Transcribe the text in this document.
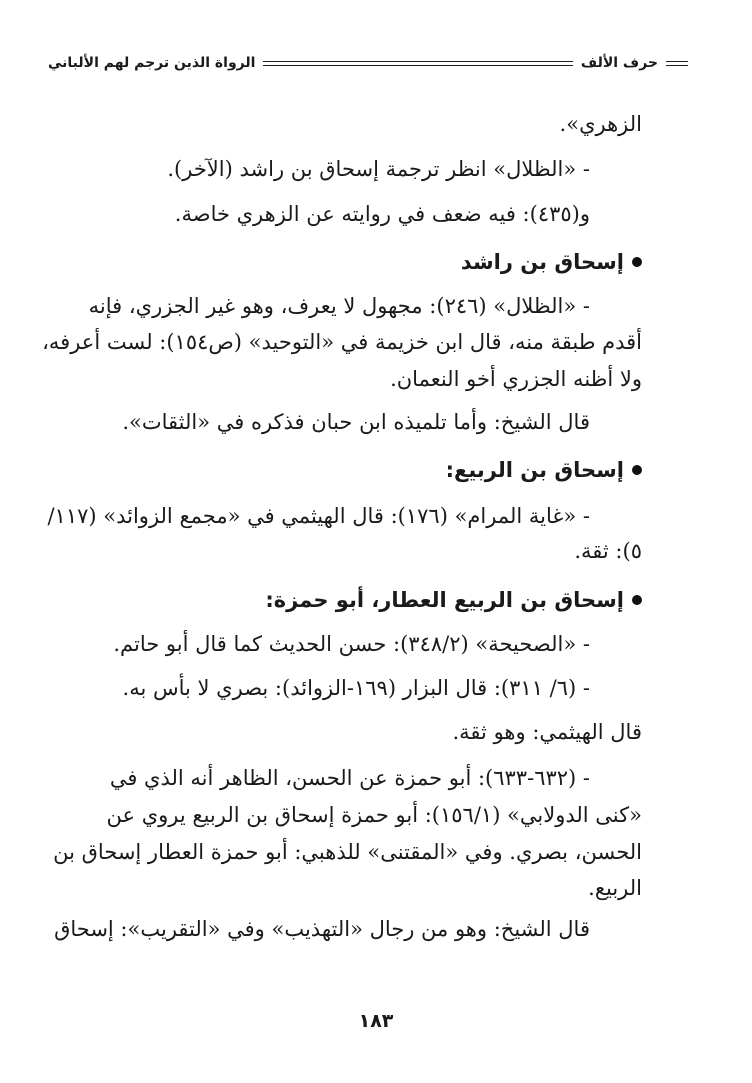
حرف الألف
الرواة الذين ترجم لهم الألباني
الزهري».
- «الظلال» انظر ترجمة إسحاق بن راشد (الآخر).
و(٤٣٥): فيه ضعف في روايته عن الزهري خاصة.
إسحاق بن راشد
- «الظلال» (٢٤٦): مجهول لا يعرف، وهو غير الجزري، فإنه
أقدم طبقة منه، قال ابن خزيمة في «التوحيد» (ص١٥٤): لست أعرفه،
ولا أظنه الجزري أخو النعمان.
قال الشيخ: وأما تلميذه ابن حبان فذكره في «الثقات».
إسحاق بن الربيع:
- «غاية المرام» (١٧٦): قال الهيثمي في «مجمع الزوائد» (١١٧/
٥): ثقة.
إسحاق بن الربيع العطار، أبو حمزة:
- «الصحيحة» (٣٤٨/٢): حسن الحديث كما قال أبو حاتم.
- (٦/ ٣١١): قال البزار (١٦٩-الزوائد): بصري لا بأس به.
قال الهيثمي: وهو ثقة.
- (٦٣٢-٦٣٣): أبو حمزة عن الحسن، الظاهر أنه الذي في
«كنى الدولابي» (١٥٦/١): أبو حمزة إسحاق بن الربيع يروي عن
الحسن، بصري. وفي «المقتنى» للذهبي: أبو حمزة العطار إسحاق بن
الربيع.
قال الشيخ: وهو من رجال «التهذيب» وفي «التقريب»: إسحاق
١٨٣
